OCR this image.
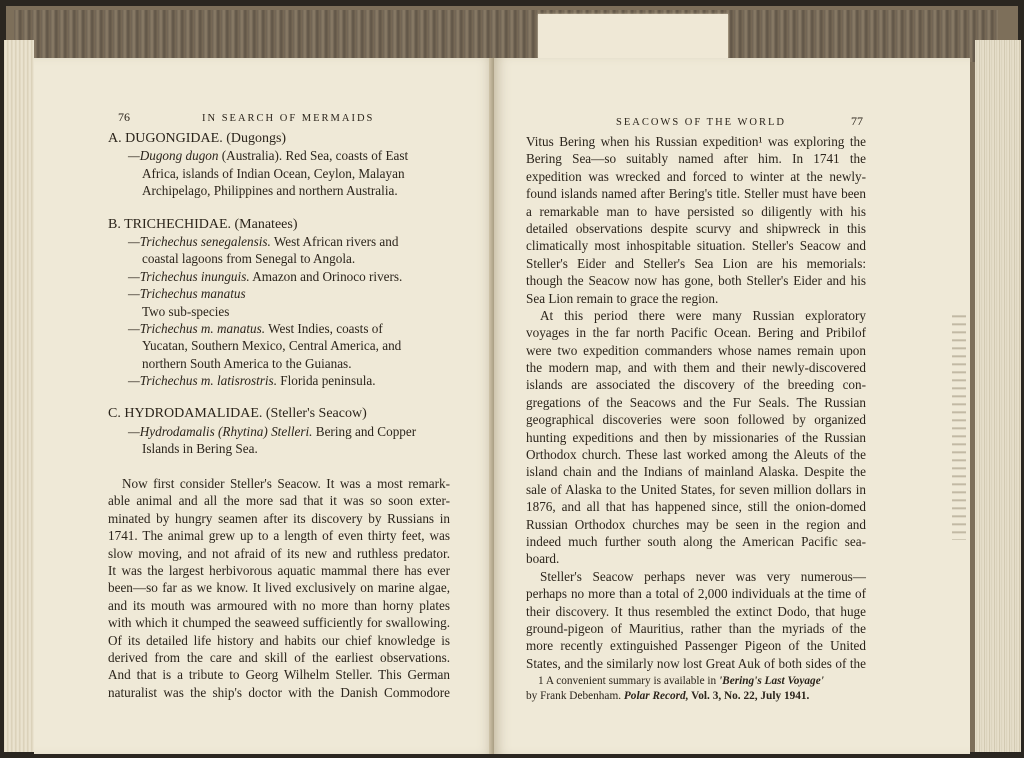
IN SEARCH OF MERMAIDS
76
A. DUGONGIDAE. (Dugongs)
—Dugong dugon (Australia). Red Sea, coasts of East
Africa, islands of Indian Ocean, Ceylon, Malayan
Archipelago, Philippines and northern Australia.
B. TRICHECHIDAE. (Manatees)
—Trichechus senegalensis. West African rivers and
coastal lagoons from Senegal to Angola.
—Trichechus inunguis. Amazon and Orinoco rivers.
—Trichechus manatus
Two sub-species
—Trichechus m. manatus. West Indies, coasts of
Yucatan, Southern Mexico, Central America, and
northern South America to the Guianas.
—Trichechus m. latisrostris. Florida peninsula.
C. HYDRODAMALIDAE. (Steller's Seacow)
—Hydrodamalis (Rhytina) Stelleri. Bering and Copper
Islands in Bering Sea.
Now first consider Steller's Seacow. It was a most remark-
able animal and all the more sad that it was so soon exter-
minated by hungry seamen after its discovery by Russians in
1741. The animal grew up to a length of even thirty feet, was
slow moving, and not afraid of its new and ruthless predator.
It was the largest herbivorous aquatic mammal there has ever
been—so far as we know. It lived exclusively on marine algae,
and its mouth was armoured with no more than horny plates
with which it chumped the seaweed sufficiently for swallowing.
Of its detailed life history and habits our chief knowledge is
derived from the care and skill of the earliest observations.
And that is a tribute to Georg Wilhelm Steller. This German
naturalist was the ship's doctor with the Danish Commodore
SEACOWS OF THE WORLD	77
Vitus Bering when his Russian expedition¹ was exploring the
Bering Sea—so suitably named after him. In 1741 the
expedition was wrecked and forced to winter at the newly-
found islands named after Bering's title. Steller must have been
a remarkable man to have persisted so diligently with his
detailed observations despite scurvy and shipwreck in this
climatically most inhospitable situation. Steller's Seacow and
Steller's Eider and Steller's Sea Lion are his memorials:
though the Seacow now has gone, both Steller's Eider and his
Sea Lion remain to grace the region.
At this period there were many Russian exploratory
voyages in the far north Pacific Ocean. Bering and Pribilof
were two expedition commanders whose names remain upon
the modern map, and with them and their newly-discovered
islands are associated the discovery of the breeding con-
gregations of the Seacows and the Fur Seals. The Russian
geographical discoveries were soon followed by organized
hunting expeditions and then by missionaries of the Russian
Orthodox church. These last worked among the Aleuts of the
island chain and the Indians of mainland Alaska. Despite the
sale of Alaska to the United States, for seven million dollars in
1876, and all that has happened since, still the onion-domed
Russian Orthodox churches may be seen in the region and
indeed much further south along the American Pacific sea-
board.
Steller's Seacow perhaps never was very numerous—
perhaps no more than a total of 2,000 individuals at the time of
their discovery. It thus resembled the extinct Dodo, that huge
ground-pigeon of Mauritius, rather than the myriads of the
more recently extinguished Passenger Pigeon of the United
States, and the similarly now lost Great Auk of both sides of the
1 A convenient summary is available in 'Bering's Last Voyage'
by Frank Debenham. Polar Record, Vol. 3, No. 22, July 1941.
